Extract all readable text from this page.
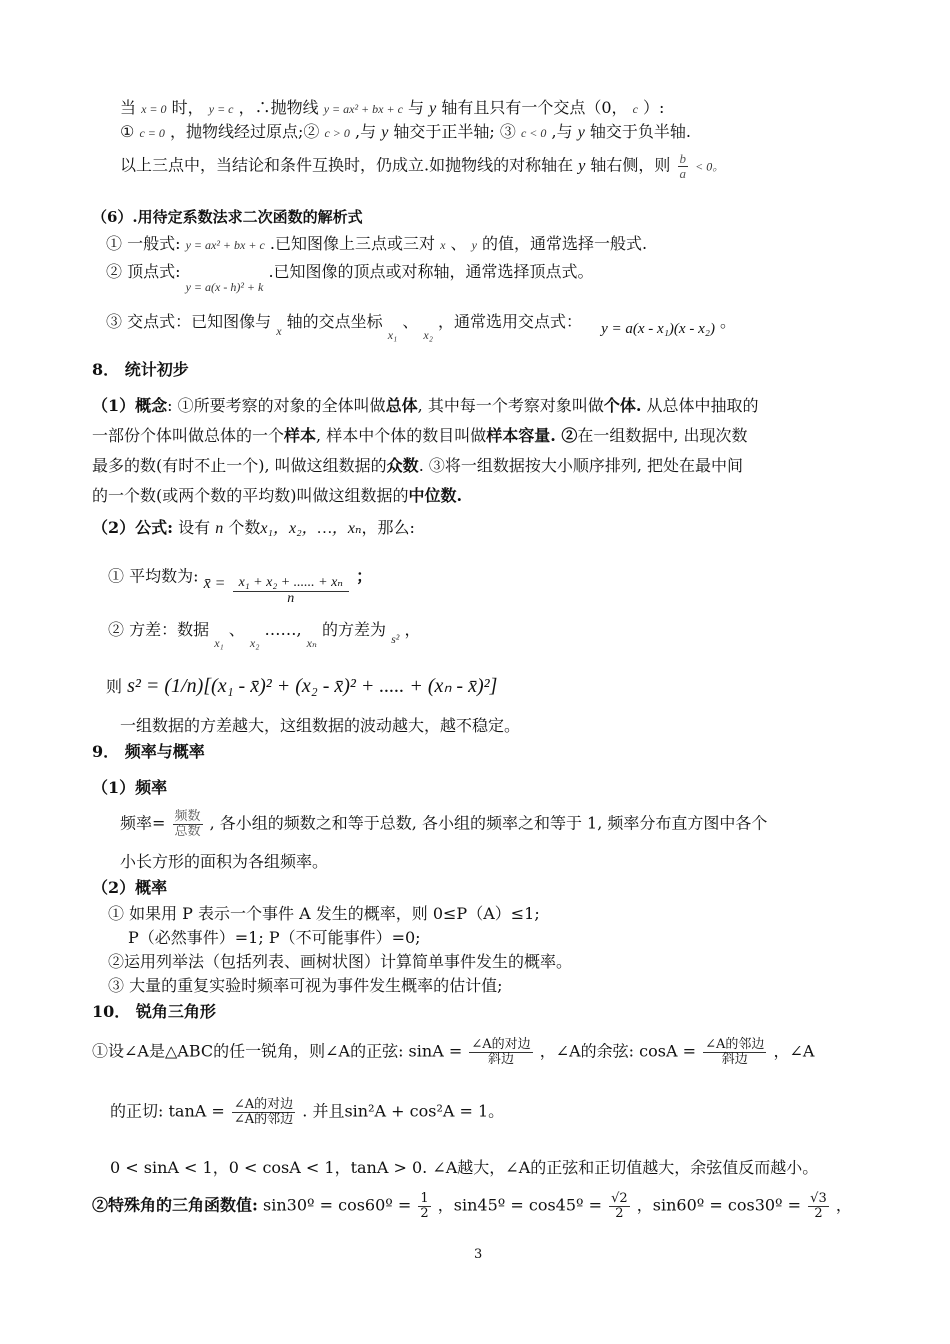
当 x = 0 时， y = c ，∴抛物线 y = ax² + bx + c 与 y 轴有且只有一个交点（0， c ）:
① c = 0 ，抛物线经过原点;② c > 0 ,与 y 轴交于正半轴; ③ c < 0 ,与 y 轴交于负半轴.
以上三点中，当结论和条件互换时，仍成立.如抛物线的对称轴在 y 轴右侧，则 $\frac{b}{a} < 0$。
（6）.用待定系数法求二次函数的解析式
① 一般式: y = ax² + bx + c .已知图像上三点或三对 x 、 y 的值，通常选择一般式.
② 顶点式: $_{y = a(x - h)^2 + k}$ .已知图像的顶点或对称轴，通常选择顶点式。
③ 交点式：已知图像与 $_x$ 轴的交点坐标 $_{x_1}$ 、 $_{x_2}$ ，通常选用交点式： y = a(x - x₁)(x - x₂) 。
8． 统计初步
（1）概念: ①所要考察的对象的全体叫做总体, 其中每一个考察对象叫做个体. 从总体中抽取的
一部份个体叫做总体的一个样本, 样本中个体的数目叫做样本容量. ②在一组数据中, 出现次数
最多的数(有时不止一个), 叫做这组数据的众数. ③将一组数据按大小顺序排列, 把处在最中间
的一个数(或两个数的平均数)叫做这组数据的中位数.
（2）公式: 设有 n 个数x₁，x₂，…，xₙ，那么:
① 平均数为: x̄ = $\frac{\text{x₁ + x₂ + ...... + xₙ}}{n}$ ；
② 方差：数据 $_{x_1}$ 、 $_{x_2}$ ……, $_{x_n}$ 的方差为 $_{s^2}$ ，
则 s² = (1/n)[(x₁ - x̄)² + (x₂ - x̄)² + ..... + (xₙ - x̄)²]
一组数据的方差越大，这组数据的波动越大，越不稳定。
9． 频率与概率
（1）频率
频率= $\frac{\text{频数}}{\text{总数}}$ , 各小组的频数之和等于总数, 各小组的频率之和等于 1, 频率分布直方图中各个
小长方形的面积为各组频率。
（2）概率
① 如果用 P 表示一个事件 A 发生的概率，则 0≤P（A）≤1;
P（必然事件）=1; P（不可能事件）=0;
②运用列举法（包括列表、画树状图）计算简单事件发生的概率。
③ 大量的重复实验时频率可视为事件发生概率的估计值;
10． 锐角三角形
①设∠A是△ABC的任一锐角，则∠A的正弦: $\sin A = \frac{\text{∠A的对边}}{\text{斜边}}$ ，∠A的余弦: $\cos A = \frac{\text{∠A的邻边}}{\text{斜边}}$ ，∠A
的正切: $\tan A = \frac{\text{∠A的对边}}{\text{∠A的邻边}}$ . 并且sin²A + cos²A = 1。
0 < sinA < 1，0 < cosA < 1，tanA > 0. ∠A越大，∠A的正弦和正切值越大，余弦值反而越小。
②特殊角的三角函数值: sin30º = cos60º = $\frac{1}{2}$ ，sin45º = cos45º = $\frac{√2}{2}$ ，sin60º = cos30º = $\frac{√3}{2}$ ，
3
